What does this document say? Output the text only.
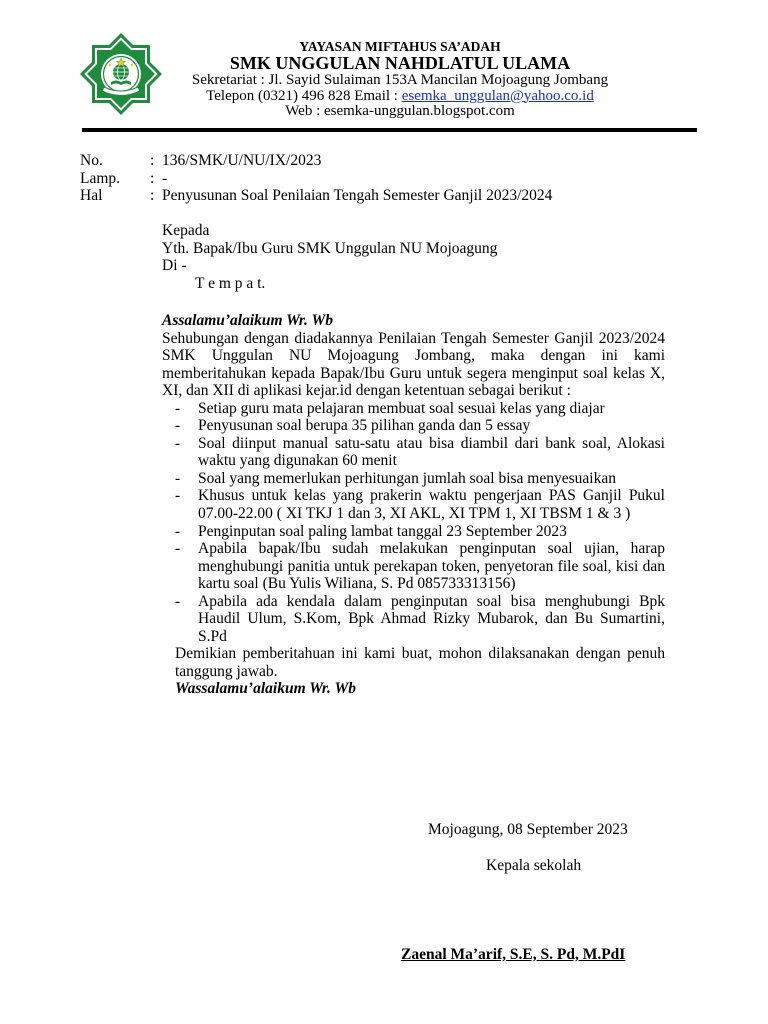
YAYASAN MIFTAHUS SA’ADAH
SMK UNGGULAN NAHDLATUL ULAMA
Sekretariat : Jl. Sayid Sulaiman 153A Mancilan Mojoagung Jombang
Telepon (0321) 496 828 Email : esemka_unggulan@yahoo.co.id
Web : esemka-unggulan.blogspot.com
No.	: 136/SMK/U/NU/IX/2023
Lamp.	: -
Hal	: Penyusunan Soal Penilaian Tengah Semester Ganjil 2023/2024
Kepada
Yth. Bapak/Ibu Guru SMK Unggulan NU Mojoagung
Di -
T e m p a t.
Assalamu’alaikum Wr. Wb
Sehubungan dengan diadakannya Penilaian Tengah Semester Ganjil 2023/2024 SMK Unggulan NU Mojoagung Jombang, maka dengan ini kami memberitahukan kepada Bapak/Ibu Guru untuk segera menginput soal kelas X, XI, dan XII di aplikasi kejar.id dengan ketentuan sebagai berikut :
-	Setiap guru mata pelajaran membuat soal sesuai kelas yang diajar
-	Penyusunan soal berupa 35 pilihan ganda dan 5 essay
-	Soal diinput manual satu-satu atau bisa diambil dari bank soal, Alokasi waktu yang digunakan 60 menit
-	Soal yang memerlukan perhitungan jumlah soal bisa menyesuaikan
-	Khusus untuk kelas yang prakerin waktu pengerjaan PAS Ganjil Pukul 07.00-22.00 ( XI TKJ 1 dan 3, XI AKL, XI TPM 1, XI TBSM 1 & 3 )
-	Penginputan soal paling lambat tanggal 23 September 2023
-	Apabila bapak/Ibu sudah melakukan penginputan soal ujian, harap menghubungi panitia untuk perekapan token, penyetoran file soal, kisi dan kartu soal (Bu Yulis Wiliana, S. Pd 085733313156)
-	Apabila ada kendala dalam penginputan soal bisa menghubungi Bpk Haudil Ulum, S.Kom, Bpk Ahmad Rizky Mubarok, dan Bu Sumartini, S.Pd
Demikian pemberitahuan ini kami buat, mohon dilaksanakan dengan penuh tanggung jawab.
Wassalamu’alaikum Wr. Wb
Mojoagung, 08 September 2023
Kepala sekolah
Zaenal Ma’arif, S.E, S. Pd, M.PdI
